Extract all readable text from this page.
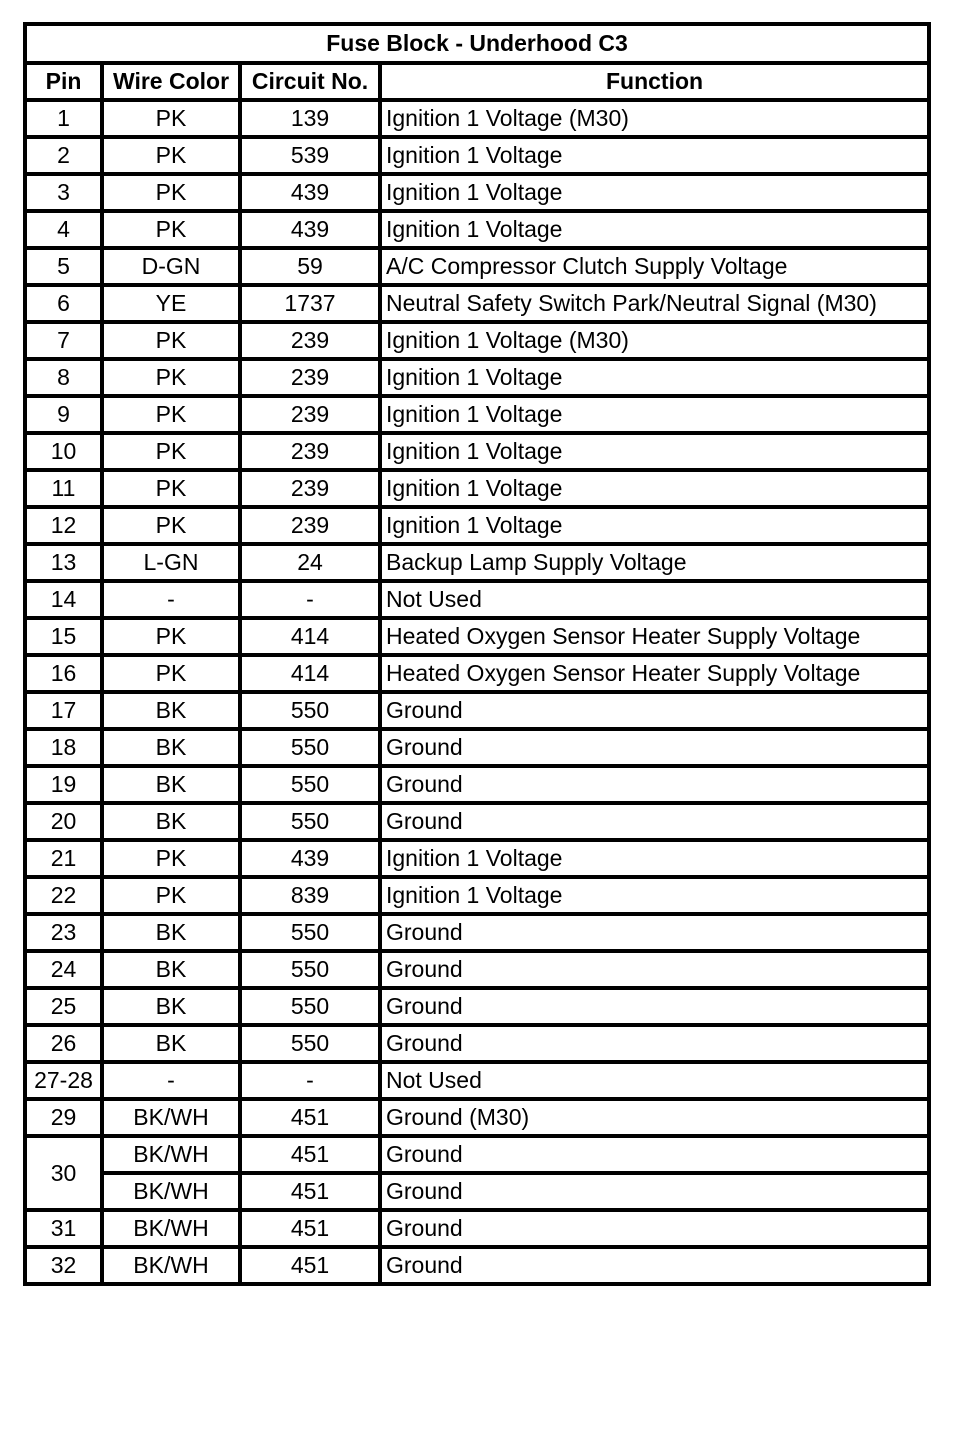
Fuse Block - Underhood C3			
Pin	Wire Color	Circuit No.	Function
1	PK	139	Ignition 1 Voltage (M30)
2	PK	539	Ignition 1 Voltage
3	PK	439	Ignition 1 Voltage
4	PK	439	Ignition 1 Voltage
5	D-GN	59	A/C Compressor Clutch Supply Voltage
6	YE	1737	Neutral Safety Switch Park/Neutral Signal (M30)
7	PK	239	Ignition 1 Voltage (M30)
8	PK	239	Ignition 1 Voltage
9	PK	239	Ignition 1 Voltage
10	PK	239	Ignition 1 Voltage
11	PK	239	Ignition 1 Voltage
12	PK	239	Ignition 1 Voltage
13	L-GN	24	Backup Lamp Supply Voltage
14	-	-	Not Used
15	PK	414	Heated Oxygen Sensor Heater Supply Voltage
16	PK	414	Heated Oxygen Sensor Heater Supply Voltage
17	BK	550	Ground
18	BK	550	Ground
19	BK	550	Ground
20	BK	550	Ground
21	PK	439	Ignition 1 Voltage
22	PK	839	Ignition 1 Voltage
23	BK	550	Ground
24	BK	550	Ground
25	BK	550	Ground
26	BK	550	Ground
27-28	-	-	Not Used
29	BK/WH	451	Ground (M30)
30	BK/WH	451	Ground
	BK/WH	451	Ground
31	BK/WH	451	Ground
32	BK/WH	451	Ground
